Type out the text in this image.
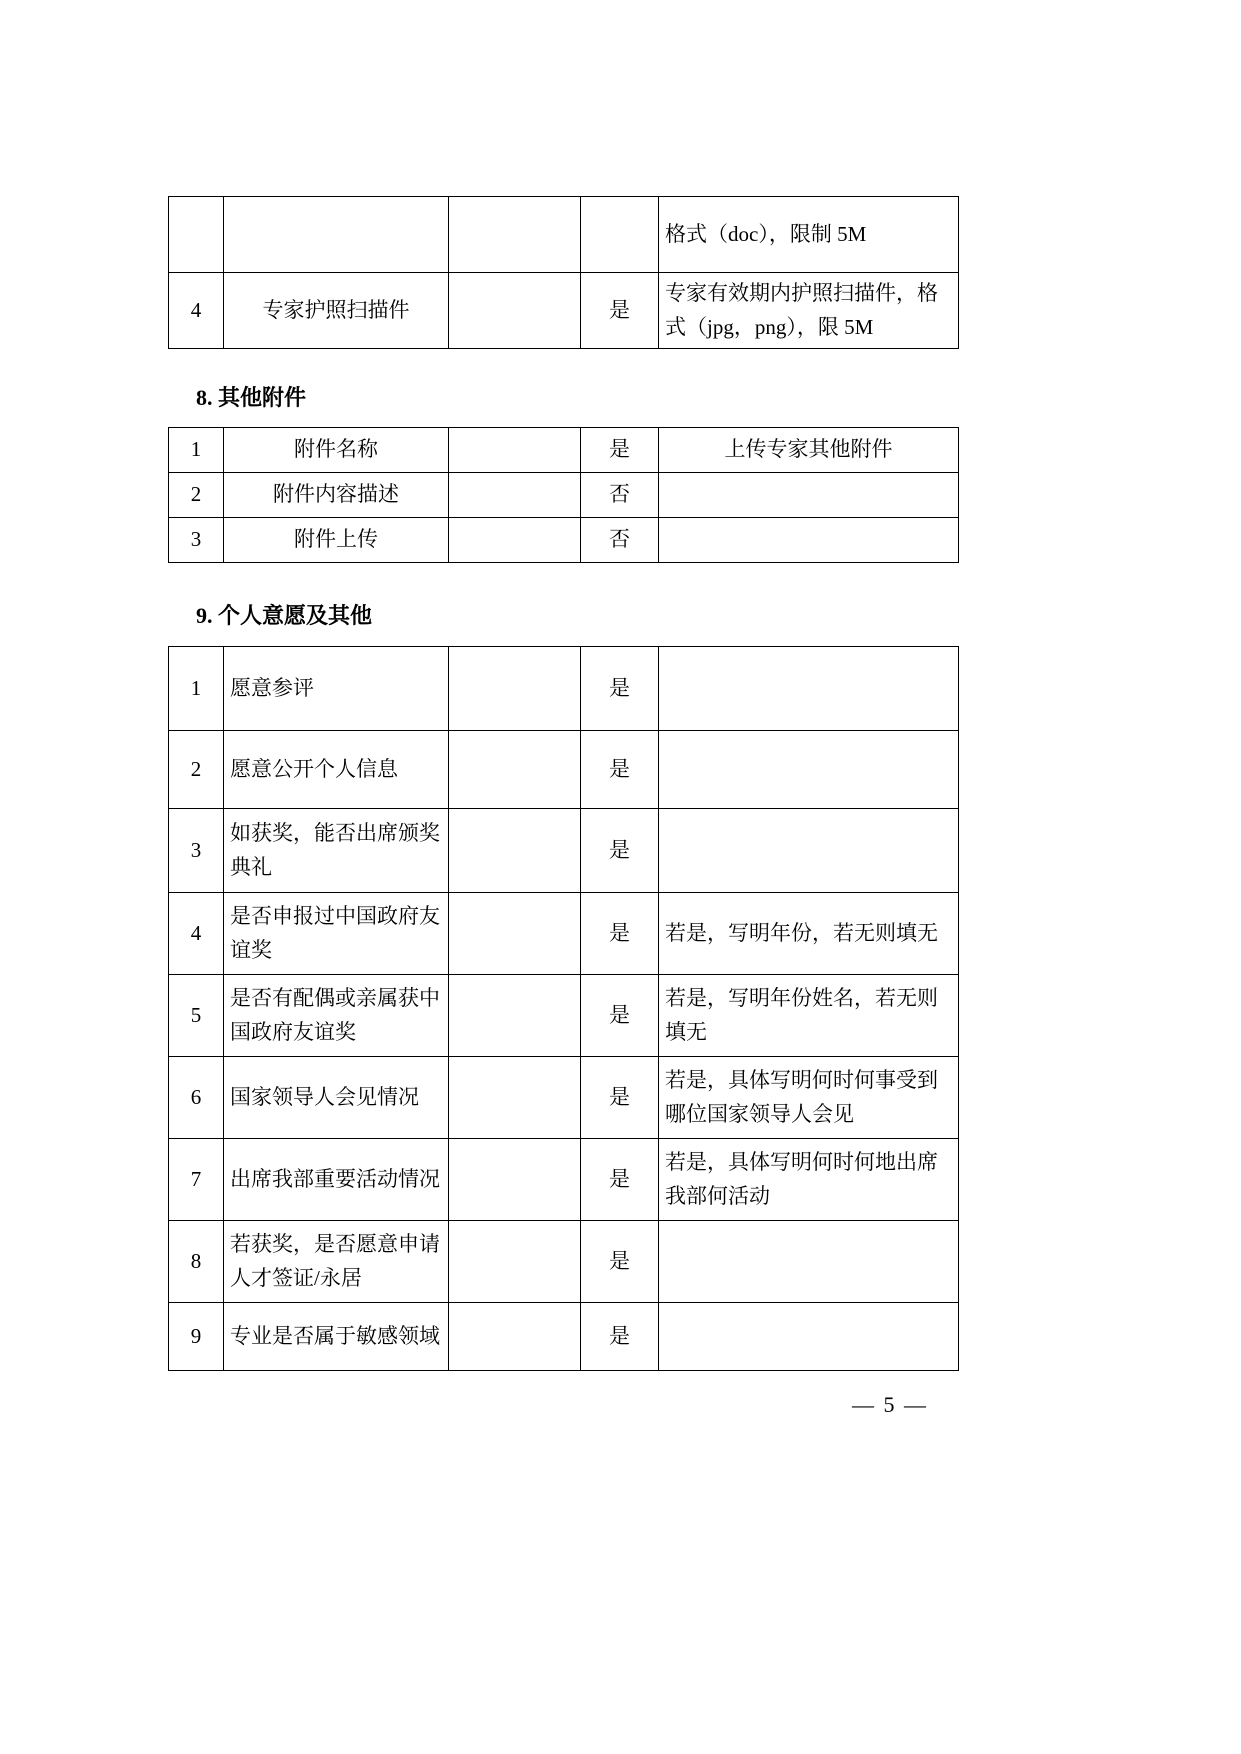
				格式（doc），限制 5M
4	专家护照扫描件		是	专家有效期内护照扫描件，格式（jpg，png），限 5M

8. 其他附件

1	附件名称		是	上传专家其他附件
2	附件内容描述		否	
3	附件上传		否	

9. 个人意愿及其他

1	愿意参评		是	
2	愿意公开个人信息		是	
3	如获奖，能否出席颁奖典礼		是	
4	是否申报过中国政府友谊奖		是	若是，写明年份，若无则填无
5	是否有配偶或亲属获中国政府友谊奖		是	若是，写明年份姓名，若无则填无
6	国家领导人会见情况		是	若是，具体写明何时何事受到哪位国家领导人会见
7	出席我部重要活动情况		是	若是，具体写明何时何地出席我部何活动
8	若获奖，是否愿意申请人才签证/永居		是	
9	专业是否属于敏感领域		是	
— 5 —
